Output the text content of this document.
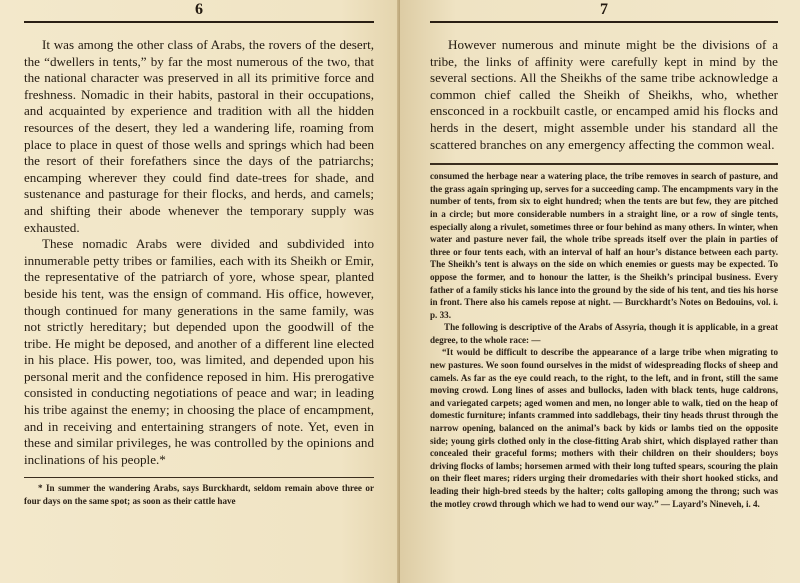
6

It was among the other class of Arabs, the rovers of the desert, the “dwellers in tents,” by far the most numerous of the two, that the national character was preserved in all its primitive force and freshness. Nomadic in their habits, pastoral in their occupations, and acquainted by experience and tradition with all the hidden resources of the desert, they led a wandering life, roaming from place to place in quest of those wells and springs which had been the resort of their forefathers since the days of the patriarchs; encamping wherever they could find date-trees for shade, and sustenance and pasturage for their flocks, and herds, and camels; and shifting their abode whenever the temporary supply was exhausted.

These nomadic Arabs were divided and subdivided into innumerable petty tribes or families, each with its Sheikh or Emir, the representative of the patriarch of yore, whose spear, planted beside his tent, was the ensign of command. His office, however, though continued for many generations in the same family, was not strictly hereditary; but depended upon the goodwill of the tribe. He might be deposed, and another of a different line elected in his place. His power, too, was limited, and depended upon his personal merit and the confidence reposed in him. His prerogative consisted in conducting negotiations of peace and war; in leading his tribe against the enemy; in choosing the place of encampment, and in receiving and entertaining strangers of note. Yet, even in these and similar privileges, he was controlled by the opinions and inclinations of his people.*

* In summer the wandering Arabs, says Burckhardt, seldom remain above three or four days on the same spot; as soon as their cattle have

7

However numerous and minute might be the divisions of a tribe, the links of affinity were carefully kept in mind by the several sections. All the Sheikhs of the same tribe acknowledge a common chief called the Sheikh of Sheikhs, who, whether ensconced in a rockbuilt castle, or encamped amid his flocks and herds in the desert, might assemble under his standard all the scattered branches on any emergency affecting the common weal.

consumed the herbage near a watering place, the tribe removes in search of pasture, and the grass again springing up, serves for a succeeding camp. The encampments vary in the number of tents, from six to eight hundred; when the tents are but few, they are pitched in a circle; but more considerable numbers in a straight line, or a row of single tents, especially along a rivulet, sometimes three or four behind as many others. In winter, when water and pasture never fail, the whole tribe spreads itself over the plain in parties of three or four tents each, with an interval of half an hour’s distance between each party. The Sheikh’s tent is always on the side on which enemies or guests may be expected. To oppose the former, and to honour the latter, is the Sheikh’s principal business. Every father of a family sticks his lance into the ground by the side of his tent, and ties his horse in front. There also his camels repose at night. — Burckhardt’s Notes on Bedouins, vol. i. p. 33.

The following is descriptive of the Arabs of Assyria, though it is applicable, in a great degree, to the whole race: —

“It would be difficult to describe the appearance of a large tribe when migrating to new pastures. We soon found ourselves in the midst of widespreading flocks of sheep and camels. As far as the eye could reach, to the right, to the left, and in front, still the same moving crowd. Long lines of asses and bullocks, laden with black tents, huge caldrons, and variegated carpets; aged women and men, no longer able to walk, tied on the heap of domestic furniture; infants crammed into saddlebags, their tiny heads thrust through the narrow opening, balanced on the animal’s back by kids or lambs tied on the opposite side; young girls clothed only in the close-fitting Arab shirt, which displayed rather than concealed their graceful forms; mothers with their children on their shoulders; boys driving flocks of lambs; horsemen armed with their long tufted spears, scouring the plain on their fleet mares; riders urging their dromedaries with their short hooked sticks, and leading their high-bred steeds by the halter; colts galloping among the throng; such was the motley crowd through which we had to wend our way.” — Layard’s Nineveh, i. 4.
